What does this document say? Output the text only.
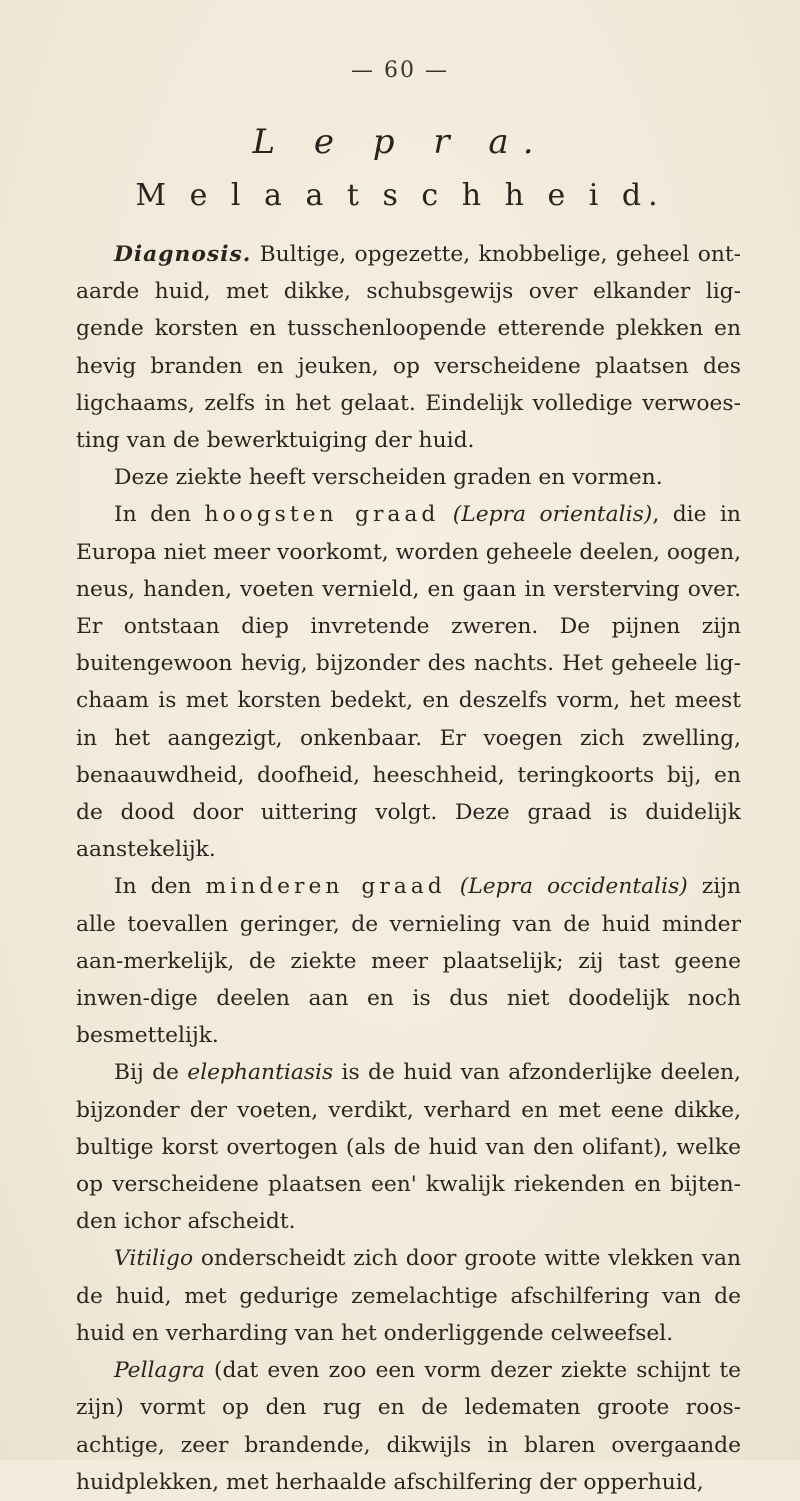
— 60 —
L e p r a.
M e l a a t s c h h e i d.

Diagnosis. Bultige, opgezette, knobbelige, geheel ont-aarde huid, met dikke, schubsgewijs over elkander lig-gende korsten en tusschenloopende etterende plekken en hevig branden en jeuken, op verscheidene plaatsen des ligchaams, zelfs in het gelaat. Eindelijk volledige verwoes-ting van de bewerktuiging der huid.

Deze ziekte heeft verscheiden graden en vormen.

In den hoogsten graad (Lepra orientalis), die in Europa niet meer voorkomt, worden geheele deelen, oogen, neus, handen, voeten vernield, en gaan in versterving over. Er ontstaan diep invretende zweren. De pijnen zijn buitengewoon hevig, bijzonder des nachts. Het geheele lig-chaam is met korsten bedekt, en deszelfs vorm, het meest in het aangezigt, onkenbaar. Er voegen zich zwelling, benaauwdheid, doofheid, heeschheid, teringkoorts bij, en de dood door uittering volgt. Deze graad is duidelijk aanstekelijk.

In den minderen graad (Lepra occidentalis) zijn alle toevallen geringer, de vernieling van de huid minder aan-merkelijk, de ziekte meer plaatselijk; zij tast geene inwen-dige deelen aan en is dus niet doodelijk noch besmettelijk.

Bij de elephantiasis is de huid van afzonderlijke deelen, bijzonder der voeten, verdikt, verhard en met eene dikke, bultige korst overtogen (als de huid van den olifant), welke op verscheidene plaatsen een' kwalijk riekenden en bijten-den ichor afscheidt.

Vitiligo onderscheidt zich door groote witte vlekken van de huid, met gedurige zemelachtige afschilfering van de huid en verharding van het onderliggende celweefsel.

Pellagra (dat even zoo een vorm dezer ziekte schijnt te zijn) vormt op den rug en de ledematen groote roos-achtige, zeer brandende, dikwijls in blaren overgaande huidplekken, met herhaalde afschilfering der opperhuid,
